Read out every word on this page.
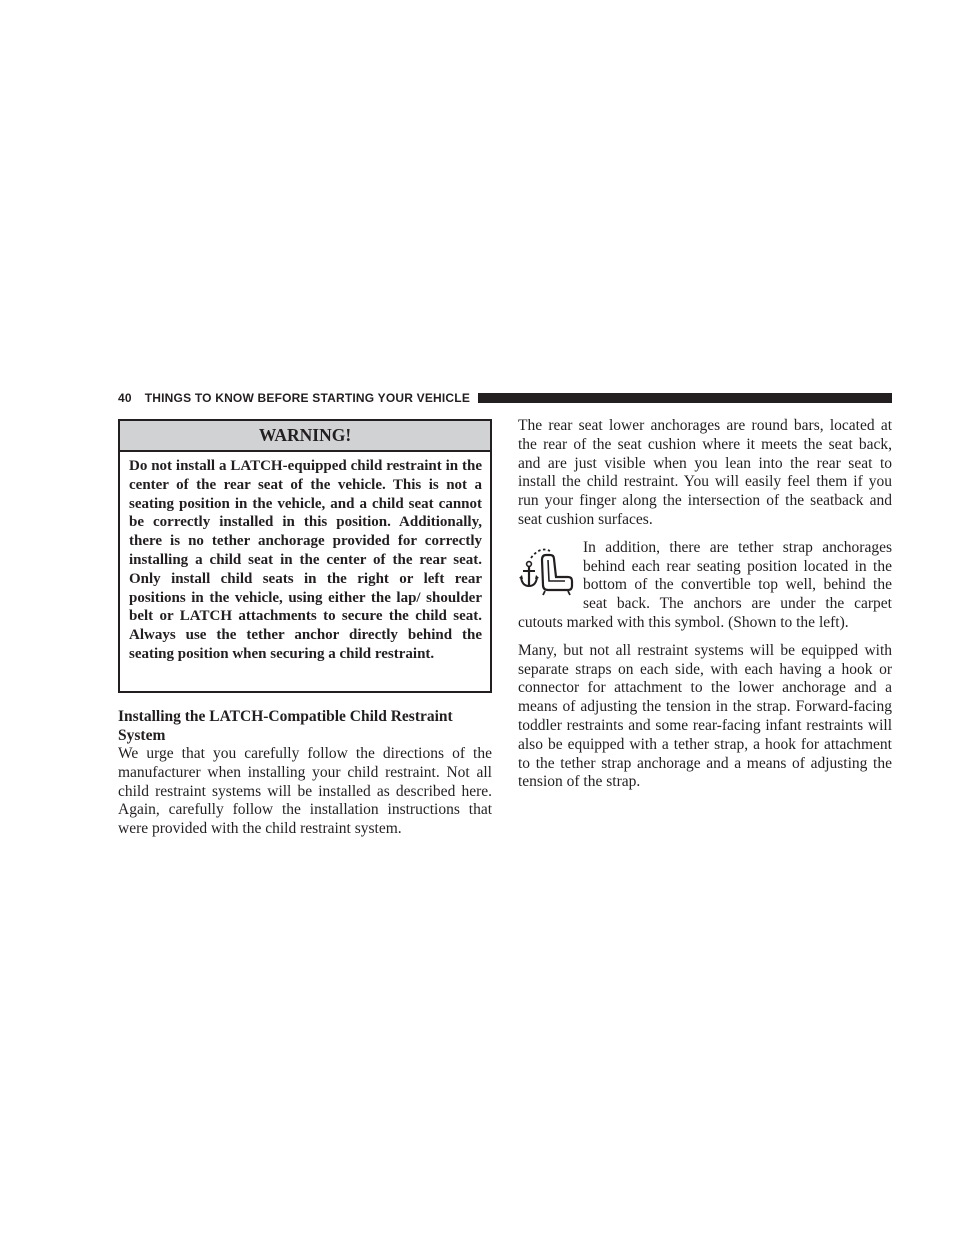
40 THINGS TO KNOW BEFORE STARTING YOUR VEHICLE
WARNING!
Do not install a LATCH-equipped child restraint in the center of the rear seat of the vehicle. This is not a seating position in the vehicle, and a child seat cannot be correctly installed in this position. Additionally, there is no tether anchorage provided for correctly installing a child seat in the center of the rear seat. Only install child seats in the right or left rear positions in the vehicle, using either the lap/ shoulder belt or LATCH attachments to secure the child seat. Always use the tether anchor directly behind the seating position when securing a child restraint.

Installing the LATCH-Compatible Child Restraint System

We urge that you carefully follow the directions of the manufacturer when installing your child restraint. Not all child restraint systems will be installed as described here. Again, carefully follow the installation instructions that were provided with the child restraint system.

The rear seat lower anchorages are round bars, located at the rear of the seat cushion where it meets the seat back, and are just visible when you lean into the rear seat to install the child restraint. You will easily feel them if you run your finger along the intersection of the seatback and seat cushion surfaces.

In addition, there are tether strap anchorages behind each rear seating position located in the bottom of the convertible top well, behind the seat back. The anchors are under the carpet cutouts marked with this symbol. (Shown to the left).

Many, but not all restraint systems will be equipped with separate straps on each side, with each having a hook or connector for attachment to the lower anchorage and a means of adjusting the tension in the strap. Forward-facing toddler restraints and some rear-facing infant restraints will also be equipped with a tether strap, a hook for attachment to the tether strap anchorage and a means of adjusting the tension of the strap.
